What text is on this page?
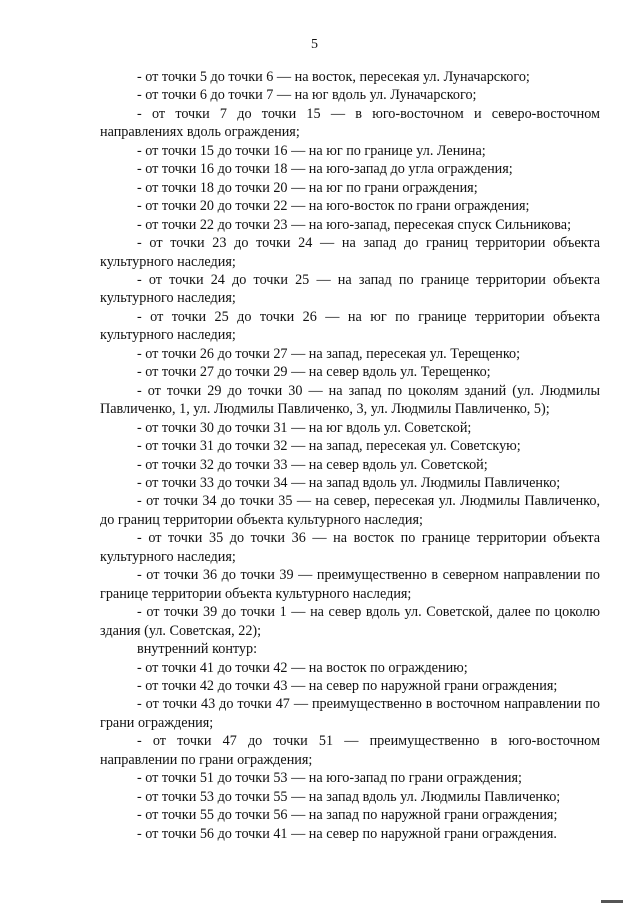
5

- от точки 5 до точки 6 — на восток, пересекая ул. Луначарского;

- от точки 6 до точки 7 — на юг вдоль ул. Луначарского;

- от точки 7 до точки 15 — в юго-восточном и северо-восточном направлениях вдоль ограждения;

- от точки 15 до точки 16 — на юг по границе ул. Ленина;

- от точки 16 до точки 18 — на юго-запад до угла ограждения;

- от точки 18 до точки 20 — на юг по грани ограждения;

- от точки 20 до точки 22 — на юго-восток по грани ограждения;

- от точки 22 до точки 23 — на юго-запад, пересекая спуск Сильникова;

- от точки 23 до точки 24 — на запад до границ территории объекта культурного наследия;

- от точки 24 до точки 25 — на запад по границе территории объекта культурного наследия;

- от точки 25 до точки 26 — на юг по границе территории объекта культурного наследия;

- от точки 26 до точки 27 — на запад, пересекая ул. Терещенко;

- от точки 27 до точки 29 — на север вдоль ул. Терещенко;

- от точки 29 до точки 30 — на запад по цоколям зданий (ул. Людмилы Павличенко, 1, ул. Людмилы Павличенко, 3, ул. Людмилы Павличенко, 5);

- от точки 30 до точки 31 — на юг вдоль ул. Советской;

- от точки 31 до точки 32 — на запад, пересекая ул. Советскую;

- от точки 32 до точки 33 — на север вдоль ул. Советской;

- от точки 33 до точки 34 — на запад вдоль ул. Людмилы Павличенко;

- от точки 34 до точки 35 — на север, пересекая ул. Людмилы Павличенко, до границ территории объекта культурного наследия;

- от точки 35 до точки 36 — на восток по границе территории объекта культурного наследия;

- от точки 36 до точки 39 — преимущественно в северном направлении по границе территории объекта культурного наследия;

- от точки 39 до точки 1 — на север вдоль ул. Советской, далее по цоколю здания (ул. Советская, 22);

внутренний контур:

- от точки 41 до точки 42 — на восток по ограждению;

- от точки 42 до точки 43 — на север по наружной грани ограждения;

- от точки 43 до точки 47 — преимущественно в восточном направлении по грани ограждения;

- от точки 47 до точки 51 — преимущественно в юго-восточном направлении по грани ограждения;

- от точки 51 до точки 53 — на юго-запад по грани ограждения;

- от точки 53 до точки 55 — на запад вдоль ул. Людмилы Павличенко;

- от точки 55 до точки 56 — на запад по наружной грани ограждения;

- от точки 56 до точки 41 — на север по наружной грани ограждения.
